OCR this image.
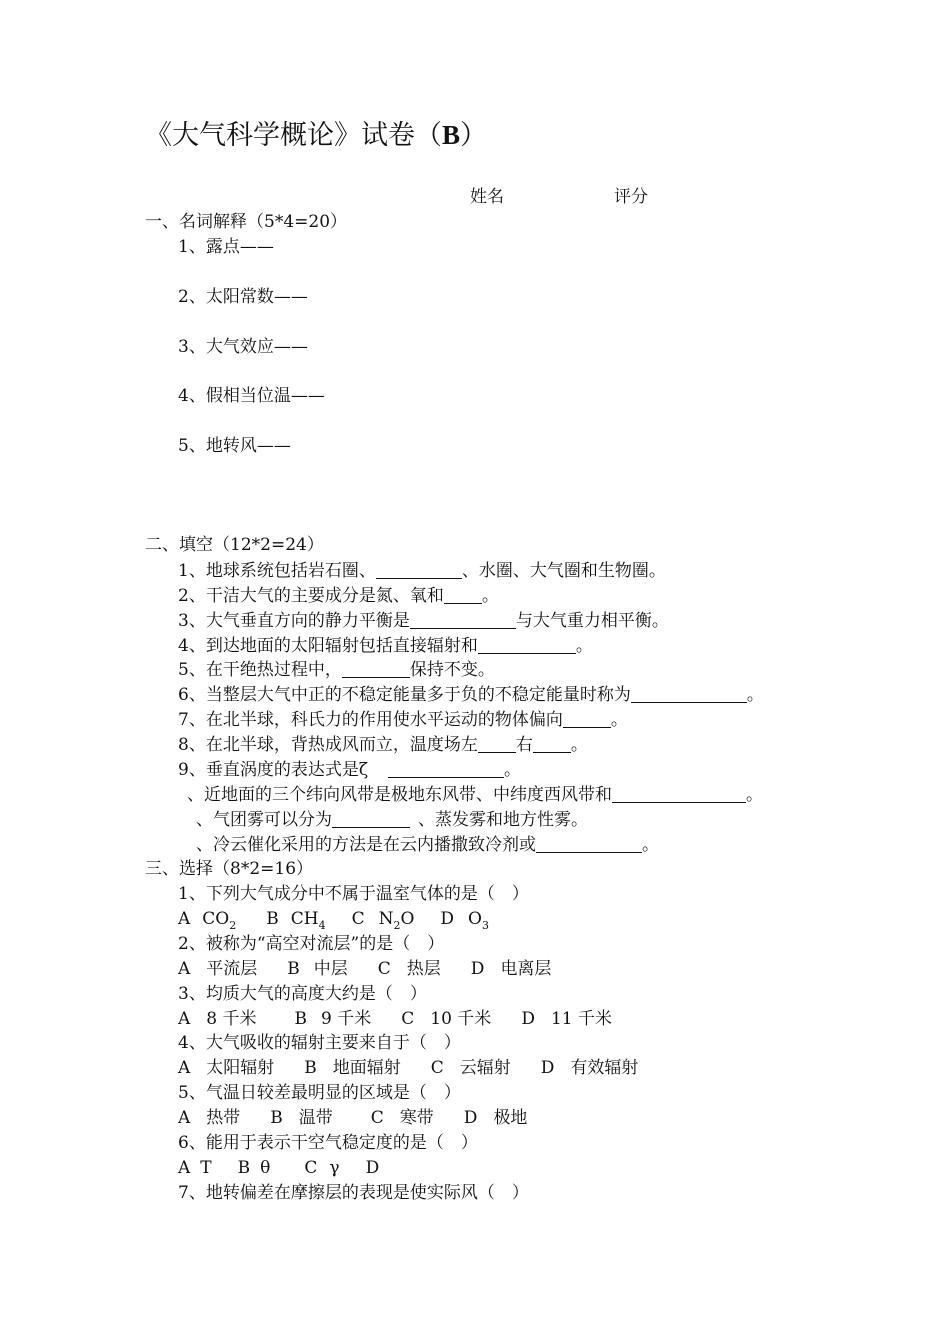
《大气科学概论》试卷（B）
姓名	评分
一、名词解释（5*4=20）
1、露点——
2、太阳常数——
3、大气效应——
4、假相当位温——
5、地转风——
二、填空（12*2=24）
1、地球系统包括岩石圈、	、水圈、大气圈和生物圈。
2、干洁大气的主要成分是氮、氧和 。
3、大气垂直方向的静力平衡是	与大气重力相平衡。
4、到达地面的太阳辐射包括直接辐射和	。
5、在干绝热过程中，	保持不变。
6、当整层大气中正的不稳定能量多于负的不稳定能量时称为	。
7、在北半球，科氏力的作用使水平运动的物体偏向	。
8、在北半球，背热成风而立，温度场左 右 。
9、垂直涡度的表达式是ζ	。
、近地面的三个纬向风带是极地东风带、中纬度西风带和	。
、气团雾可以分为	、蒸发雾和地方性雾。
、冷云催化采用的方法是在云内播撒致冷剂或	。
三、选择（8*2=16）
1、下列大气成分中不属于温室气体的是（　）
A $CO_2$ B $CH_4$ C $N_2O$ D $O_3$
2、被称为“高空对流层”的是（　）
A 平流层 B 中层 C 热层 D 电离层
3、均质大气的高度大约是（　）
A 8 千米 B 9 千米 C 10 千米 D 11 千米
4、大气吸收的辐射主要来自于（　）
A 太阳辐射 B 地面辐射 C 云辐射 D 有效辐射
5、气温日较差最明显的区域是（　）
A 热带 B 温带 C 寒带 D 极地
6、能用于表示干空气稳定度的是（　）
A T B θ C γ D
7、地转偏差在摩擦层的表现是使实际风（　）
